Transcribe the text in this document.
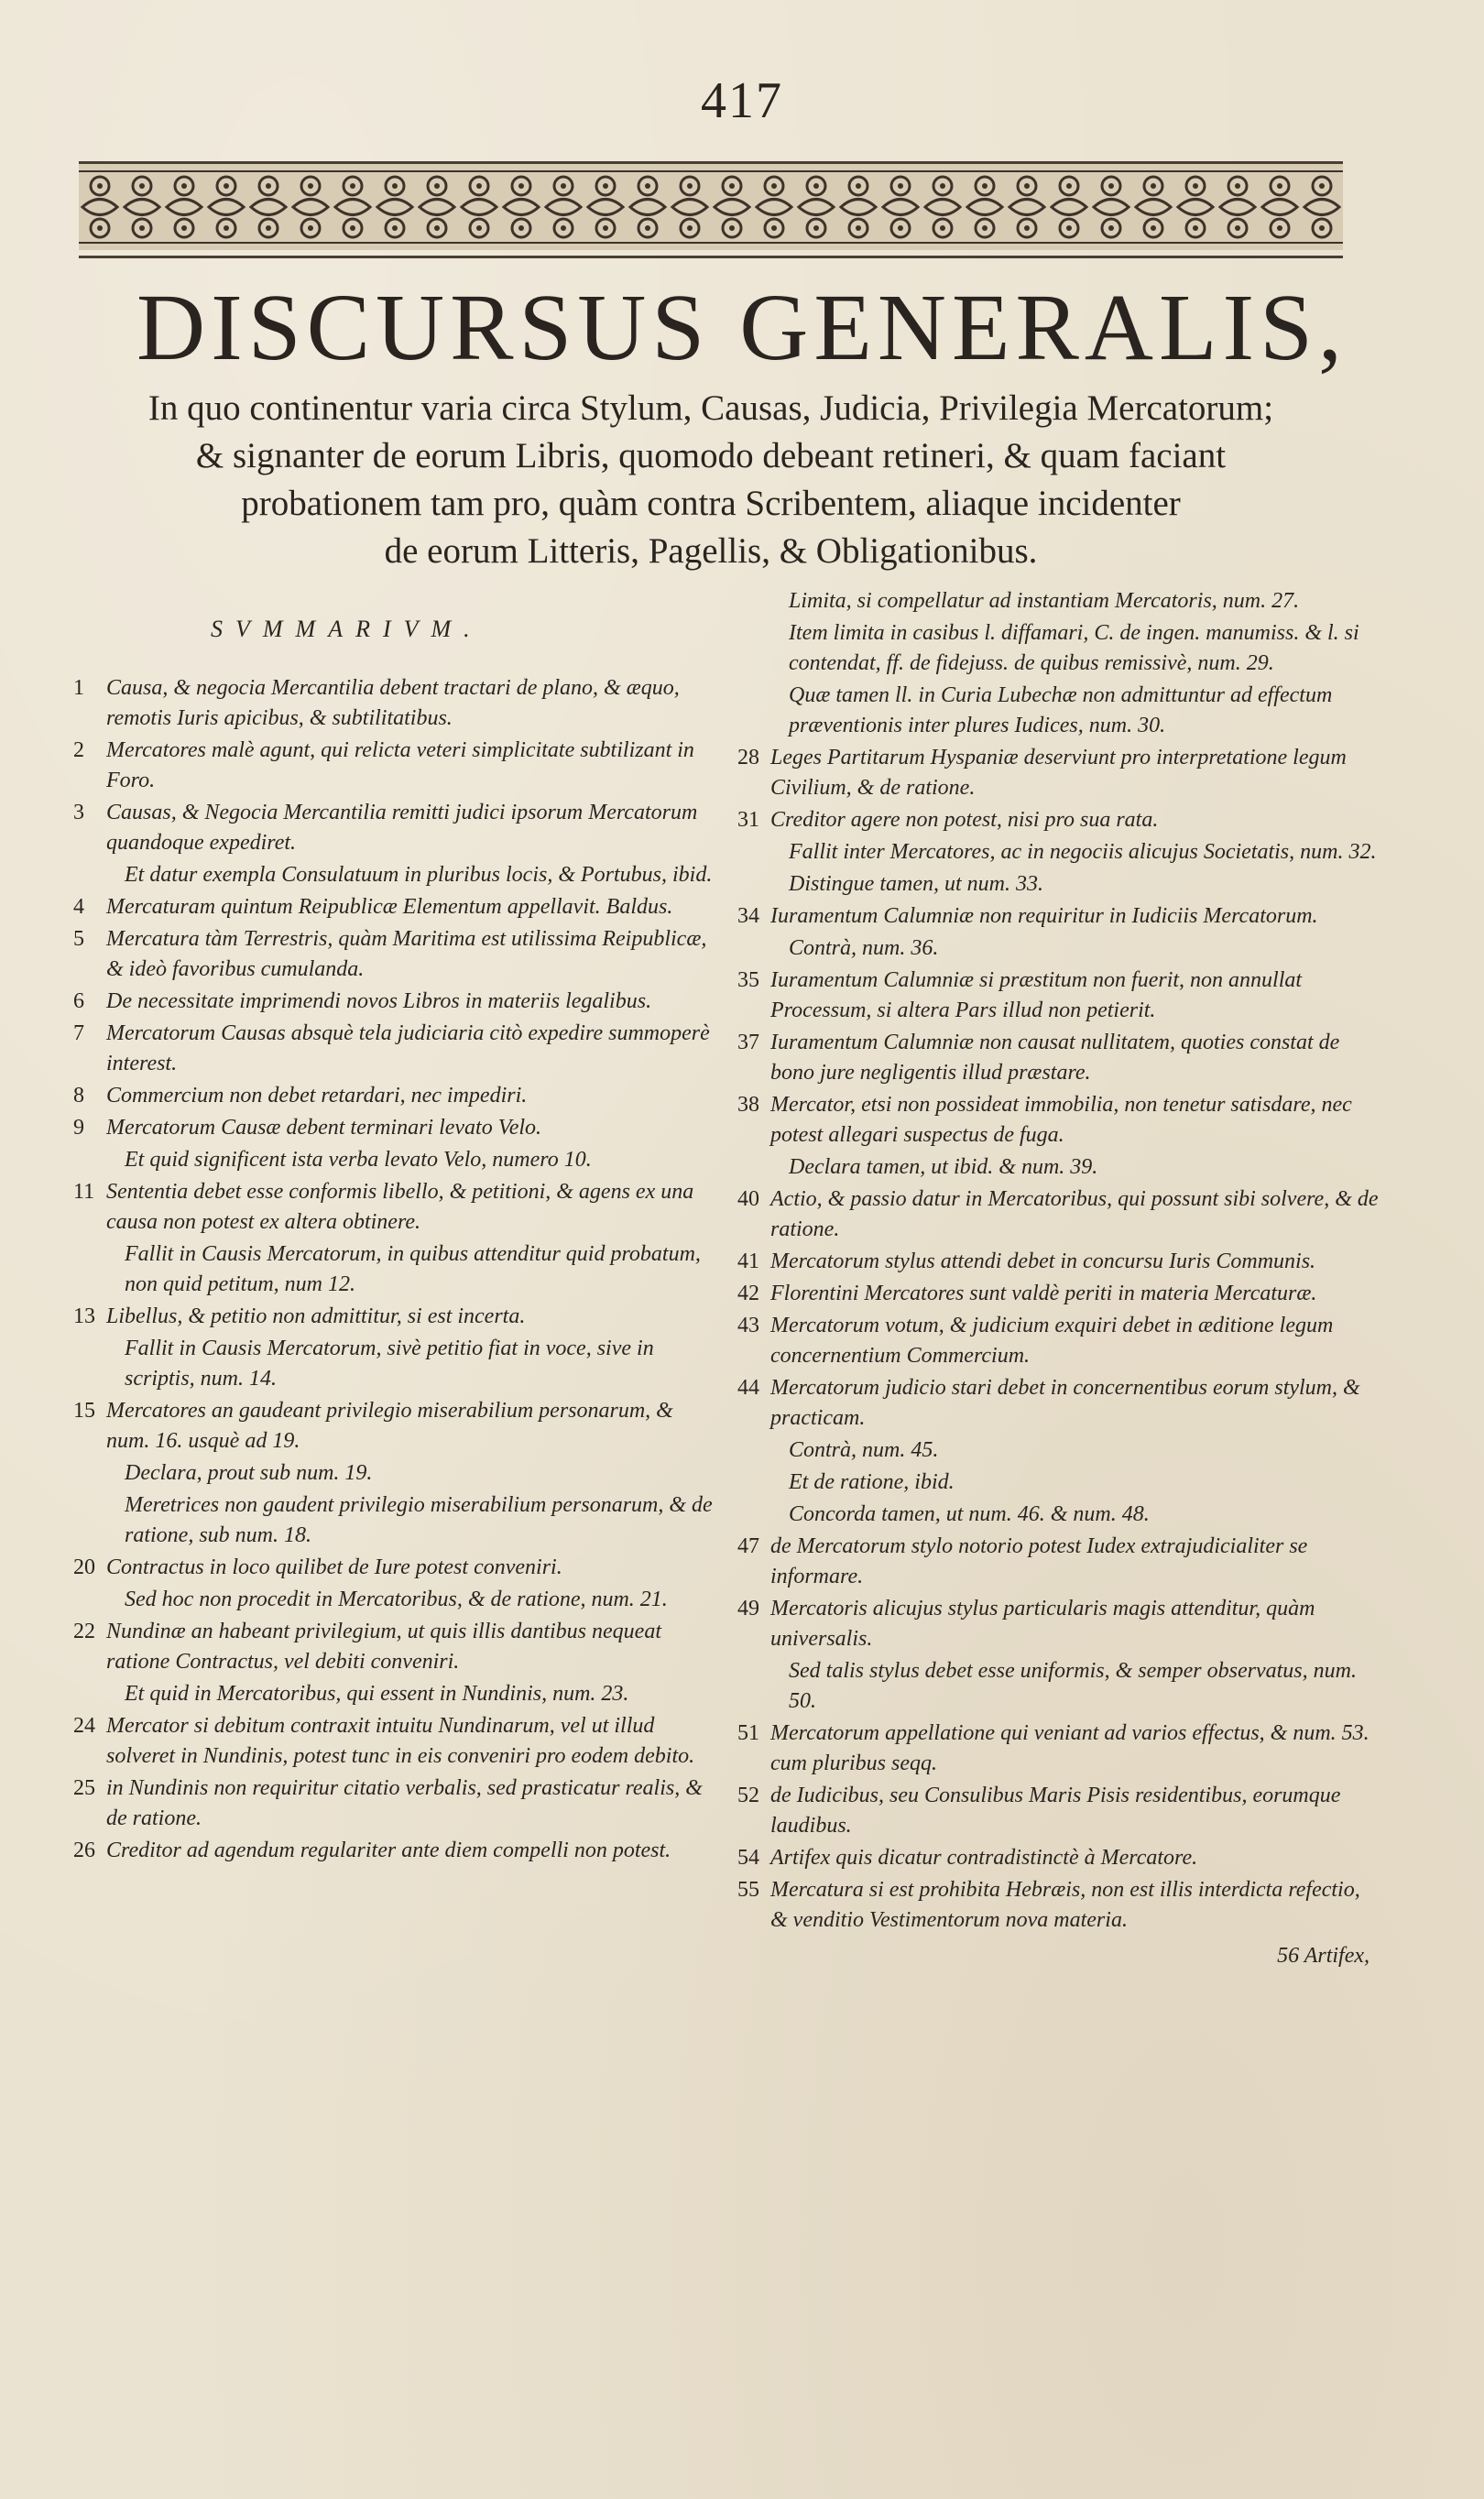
417
DISCURSUS GENERALIS,
In quo continentur varia circa Stylum, Causas, Judicia, Privilegia Mercatorum;
& signanter de eorum Libris, quomodo debeant retineri, & quam faciant
probationem tam pro, quàm contra Scribentem, aliaque incidenter
de eorum Litteris, Pagellis, & Obligationibus.
SVMMARIVM.
1	Causa, & negocia Mercantilia debent tractari de plano, & æquo, remotis Iuris apicibus, & subtilitatibus.
2	Mercatores malè agunt, qui relicta veteri simplicitate subtilizant in Foro.
3	Causas, & Negocia Mercantilia remitti judici ipsorum Mercatorum quandoque expediret.
Et datur exempla Consulatuum in pluribus locis, & Portubus, ibid.
4	Mercaturam quintum Reipublicæ Elementum appellavit. Baldus.
5	Mercatura tàm Terrestris, quàm Maritima est utilissima Reipublicæ, & ideò favoribus cumulanda.
6	De necessitate imprimendi novos Libros in materiis legalibus.
7	Mercatorum Causas absquè tela judiciaria citò expedire summoperè interest.
8	Commercium non debet retardari, nec impediri.
9	Mercatorum Causæ debent terminari levato Velo.
Et quid significent ista verba levato Velo, numero 10.
11 Sententia debet esse conformis libello, & petitioni, & agens ex una causa non potest ex altera obtinere.
Fallit in Causis Mercatorum, in quibus attenditur quid probatum, non quid petitum, num 12.
13 Libellus, & petitio non admittitur, si est incerta.
Fallit in Causis Mercatorum, sivè petitio fiat in voce, sive in scriptis, num. 14.
15 Mercatores an gaudeant privilegio miserabilium personarum, & num. 16. usquè ad 19.
Declara, prout sub num. 19.
Meretrices non gaudent privilegio miserabilium personarum, & de ratione, sub num. 18.
20 Contractus in loco quilibet de Iure potest conveniri.
Sed hoc non procedit in Mercatoribus, & de ratione, num. 21.
22 Nundinæ an habeant privilegium, ut quis illis dantibus nequeat ratione Contractus, vel debiti conveniri.
Et quid in Mercatoribus, qui essent in Nundinis, num. 23.
24 Mercator si debitum contraxit intuitu Nundinarum, vel ut illud solveret in Nundinis, potest tunc in eis conveniri pro eodem debito.
25 in Nundinis non requiritur citatio verbalis, sed prasticatur realis, & de ratione.
26 Creditor ad agendum regulariter ante diem compelli non potest.
Limita, si compellatur ad instantiam Mercatoris, num. 27.
Item limita in casibus l. diffamari, C. de ingen. manumiss. & l. si contendat, ff. de fidejuss. de quibus remissivè, num. 29.
Quæ tamen ll. in Curia Lubechæ non admittuntur ad effectum præventionis inter plures Iudices, num. 30.
28 Leges Partitarum Hyspaniæ deserviunt pro interpretatione legum Civilium, & de ratione.
31 Creditor agere non potest, nisi pro sua rata.
Fallit inter Mercatores, ac in negociis alicujus Societatis, num. 32.
Distingue tamen, ut num. 33.
34 Iuramentum Calumniæ non requiritur in Iudiciis Mercatorum.
Contrà, num. 36.
35 Iuramentum Calumniæ si præstitum non fuerit, non annullat Processum, si altera Pars illud non petierit.
37 Iuramentum Calumniæ non causat nullitatem, quoties constat de bono jure negligentis illud præstare.
38 Mercator, etsi non possideat immobilia, non tenetur satisdare, nec potest allegari suspectus de fuga.
Declara tamen, ut ibid. & num. 39.
40 Actio, & passio datur in Mercatoribus, qui possunt sibi solvere, & de ratione.
41 Mercatorum stylus attendi debet in concursu Iuris Communis.
42 Florentini Mercatores sunt valdè periti in materia Mercaturæ.
43 Mercatorum votum, & judicium exquiri debet in æditione legum concernentium Commercium.
44 Mercatorum judicio stari debet in concernentibus eorum stylum, & practicam.
Contrà, num. 45.
Et de ratione, ibid.
Concorda tamen, ut num. 46. & num. 48.
47 de Mercatorum stylo notorio potest Iudex extrajudicialiter se informare.
49 Mercatoris alicujus stylus particularis magis attenditur, quàm universalis.
Sed talis stylus debet esse uniformis, & semper observatus, num. 50.
51 Mercatorum appellatione qui veniant ad varios effectus, & num. 53. cum pluribus seqq.
52 de Iudicibus, seu Consulibus Maris Pisis residentibus, eorumque laudibus.
54 Artifex quis dicatur contradistinctè à Mercatore.
55 Mercatura si est prohibita Hebræis, non est illis interdicta refectio, & venditio Vestimentorum nova materia.
56 Artifex,
